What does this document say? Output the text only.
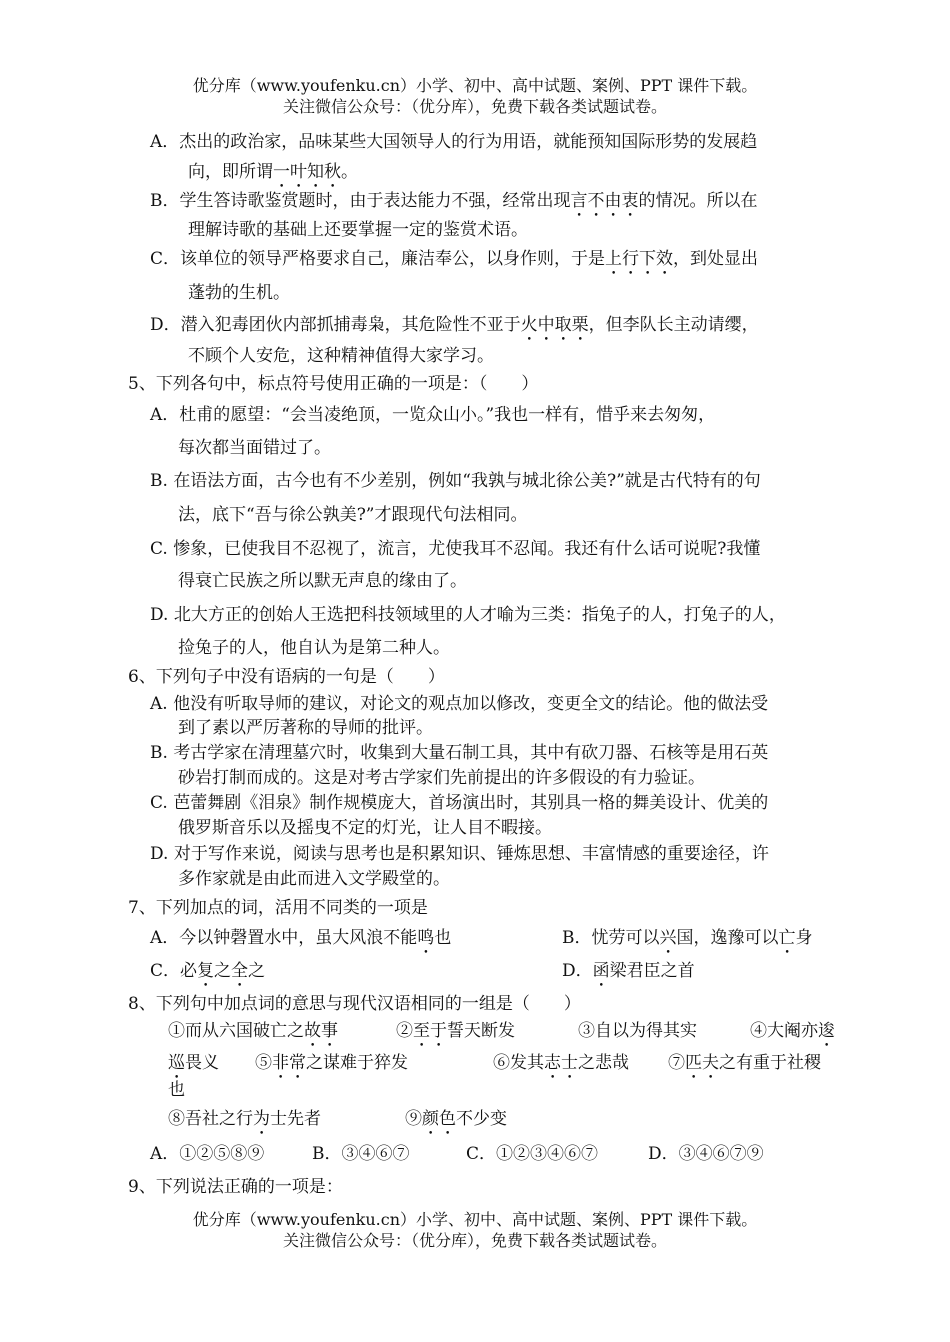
优分库（www.youfenku.cn）小学、初中、高中试题、案例、PPT 课件下载。
关注微信公众号：（优分库），免费下载各类试题试卷。
A．杰出的政治家，品味某些大国领导人的行为用语，就能预知国际形势的发展趋
向，即所谓一叶知秋。
B．学生答诗歌鉴赏题时，由于表达能力不强，经常出现言不由衷的情况。所以在
理解诗歌的基础上还要掌握一定的鉴赏术语。
C．该单位的领导严格要求自己，廉洁奉公，以身作则，于是上行下效，到处显出
蓬勃的生机。
D．潜入犯毒团伙内部抓捕毒枭，其危险性不亚于火中取栗，但李队长主动请缨，
不顾个人安危，这种精神值得大家学习。
5、下列各句中，标点符号使用正确的一项是：（　　）
A．杜甫的愿望：“会当凌绝顶，一览众山小。”我也一样有，惜乎来去匆匆，
每次都当面错过了。
B. 在语法方面，古今也有不少差别，例如“我孰与城北徐公美?”就是古代特有的句
法，底下“吾与徐公孰美?”才跟现代句法相同。
C. 惨象，已使我目不忍视了，流言，尤使我耳不忍闻。我还有什么话可说呢?我懂
得衰亡民族之所以默无声息的缘由了。
D. 北大方正的创始人王选把科技领域里的人才喻为三类：指兔子的人，打兔子的人，
捡兔子的人，他自认为是第二种人。
6、下列句子中没有语病的一句是（　　）
A. 他没有听取导师的建议，对论文的观点加以修改，变更全文的结论。他的做法受
到了素以严厉著称的导师的批评。
B. 考古学家在清理墓穴时，收集到大量石制工具，其中有砍刀器、石核等是用石英
砂岩打制而成的。这是对考古学家们先前提出的许多假设的有力验证。
C. 芭蕾舞剧《泪泉》制作规模庞大，首场演出时，其别具一格的舞美设计、优美的
俄罗斯音乐以及摇曳不定的灯光，让人目不暇接。
D. 对于写作来说，阅读与思考也是积累知识、锤炼思想、丰富情感的重要途径，许
多作家就是由此而进入文学殿堂的。
7、下列加点的词，活用不同类的一项是
A．今以钟磬置水中，虽大风浪不能鸣也	B．忧劳可以兴国，逸豫可以亡身
C．必复之全之	D．函梁君臣之首
8、下列句中加点词的意思与现代汉语相同的一组是（　　）
①而从六国破亡之故事	②至于誓天断发	③自以为得其实	④大阉亦逡
巡畏义 ⑤非常之谋难于猝发	⑥发其志士之悲哉 ⑦匹夫之有重于社稷
也
⑧吾社之行为士先者	⑨颜色不少变
A．①②⑤⑧⑨	B．③④⑥⑦	C．①②③④⑥⑦	D．③④⑥⑦⑨
9、下列说法正确的一项是：
优分库（www.youfenku.cn）小学、初中、高中试题、案例、PPT 课件下载。
关注微信公众号：（优分库），免费下载各类试题试卷。
